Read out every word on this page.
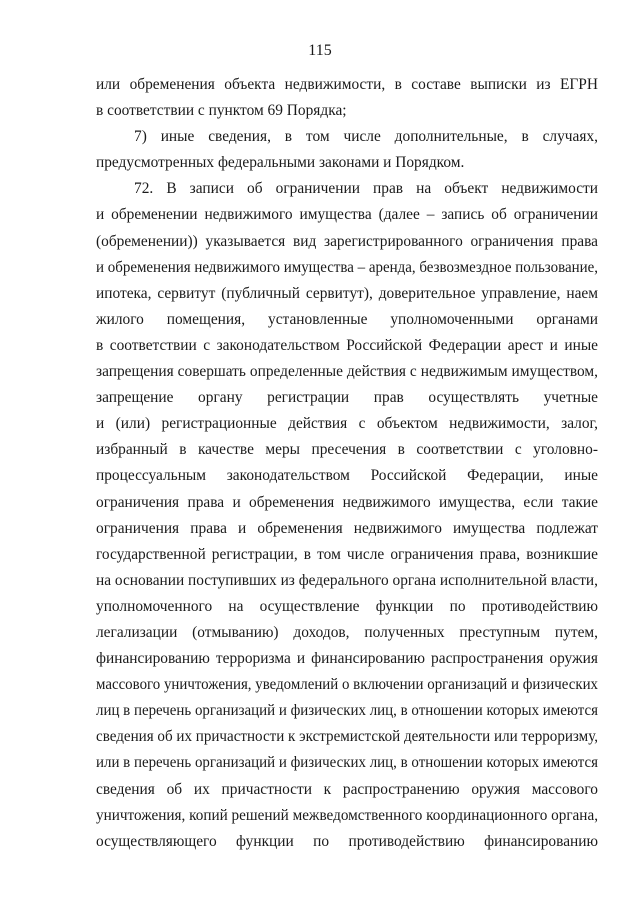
115
или обременения объекта недвижимости, в составе выписки из ЕГРН
в соответствии с пунктом 69 Порядка;
7) иные сведения, в том числе дополнительные, в случаях,
предусмотренных федеральными законами и Порядком.
72. В записи об ограничении прав на объект недвижимости
и обременении недвижимого имущества (далее – запись об ограничении
(обременении)) указывается вид зарегистрированного ограничения права
и обременения недвижимого имущества – аренда, безвозмездное пользование,
ипотека, сервитут (публичный сервитут), доверительное управление, наем
жилого помещения, установленные уполномоченными органами
в соответствии с законодательством Российской Федерации арест и иные
запрещения совершать определенные действия с недвижимым имуществом,
запрещение органу регистрации прав осуществлять учетные
и (или) регистрационные действия с объектом недвижимости, залог,
избранный в качестве меры пресечения в соответствии с уголовно-
процессуальным законодательством Российской Федерации, иные
ограничения права и обременения недвижимого имущества, если такие
ограничения права и обременения недвижимого имущества подлежат
государственной регистрации, в том числе ограничения права, возникшие
на основании поступивших из федерального органа исполнительной власти,
уполномоченного на осуществление функции по противодействию
легализации (отмыванию) доходов, полученных преступным путем,
финансированию терроризма и финансированию распространения оружия
массового уничтожения, уведомлений о включении организаций и физических
лиц в перечень организаций и физических лиц, в отношении которых имеются
сведения об их причастности к экстремистской деятельности или терроризму,
или в перечень организаций и физических лиц, в отношении которых имеются
сведения об их причастности к распространению оружия массового
уничтожения, копий решений межведомственного координационного органа,
осуществляющего функции по противодействию финансированию
